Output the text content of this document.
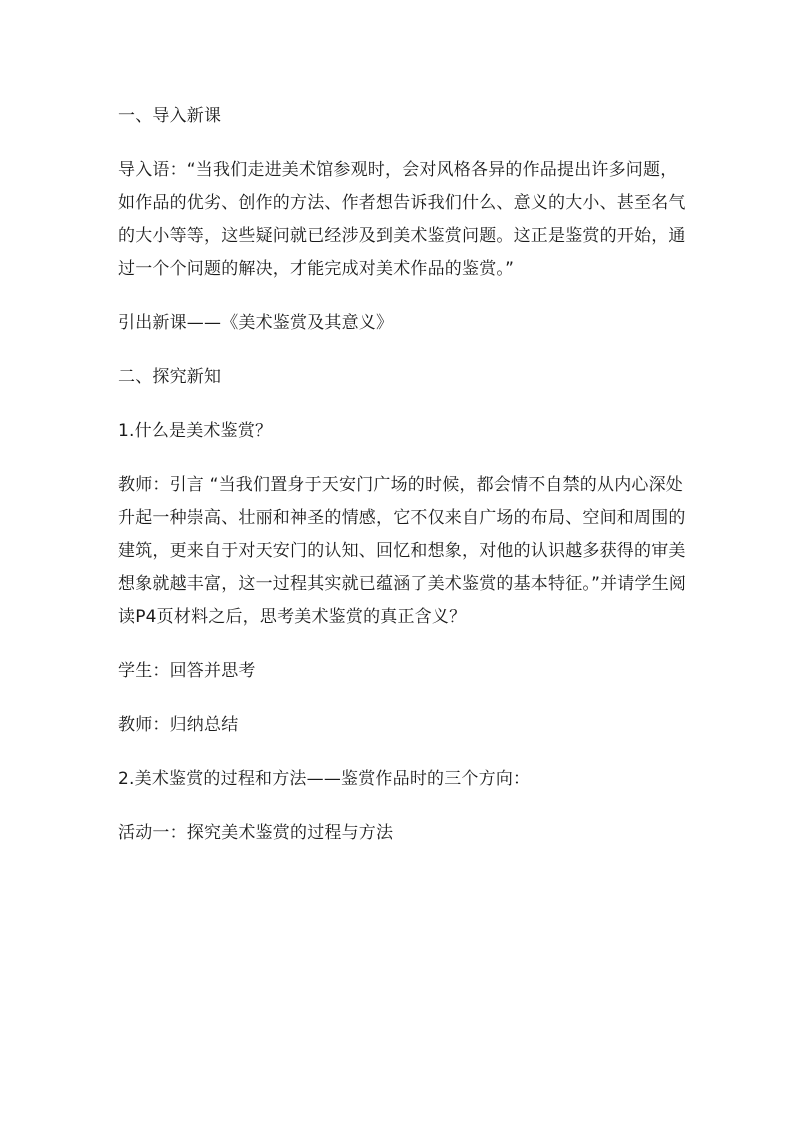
一、导入新课

导入语：“当我们走进美术馆参观时，会对风格各异的作品提出许多问题，如作品的优劣、创作的方法、作者想告诉我们什么、意义的大小、甚至名气的大小等等，这些疑问就已经涉及到美术鉴赏问题。这正是鉴赏的开始，通过一个个问题的解决，才能完成对美术作品的鉴赏。”

引出新课——《美术鉴赏及其意义》

二、探究新知

1.什么是美术鉴赏？

教师：引言 “当我们置身于天安门广场的时候，都会情不自禁的从内心深处升起一种崇高、壮丽和神圣的情感，它不仅来自广场的布局、空间和周围的建筑，更来自于对天安门的认知、回忆和想象，对他的认识越多获得的审美想象就越丰富，这一过程其实就已蕴涵了美术鉴赏的基本特征。”并请学生阅读P4页材料之后，思考美术鉴赏的真正含义？

学生：回答并思考

教师：归纳总结

2.美术鉴赏的过程和方法——鉴赏作品时的三个方向：

活动一：探究美术鉴赏的过程与方法
